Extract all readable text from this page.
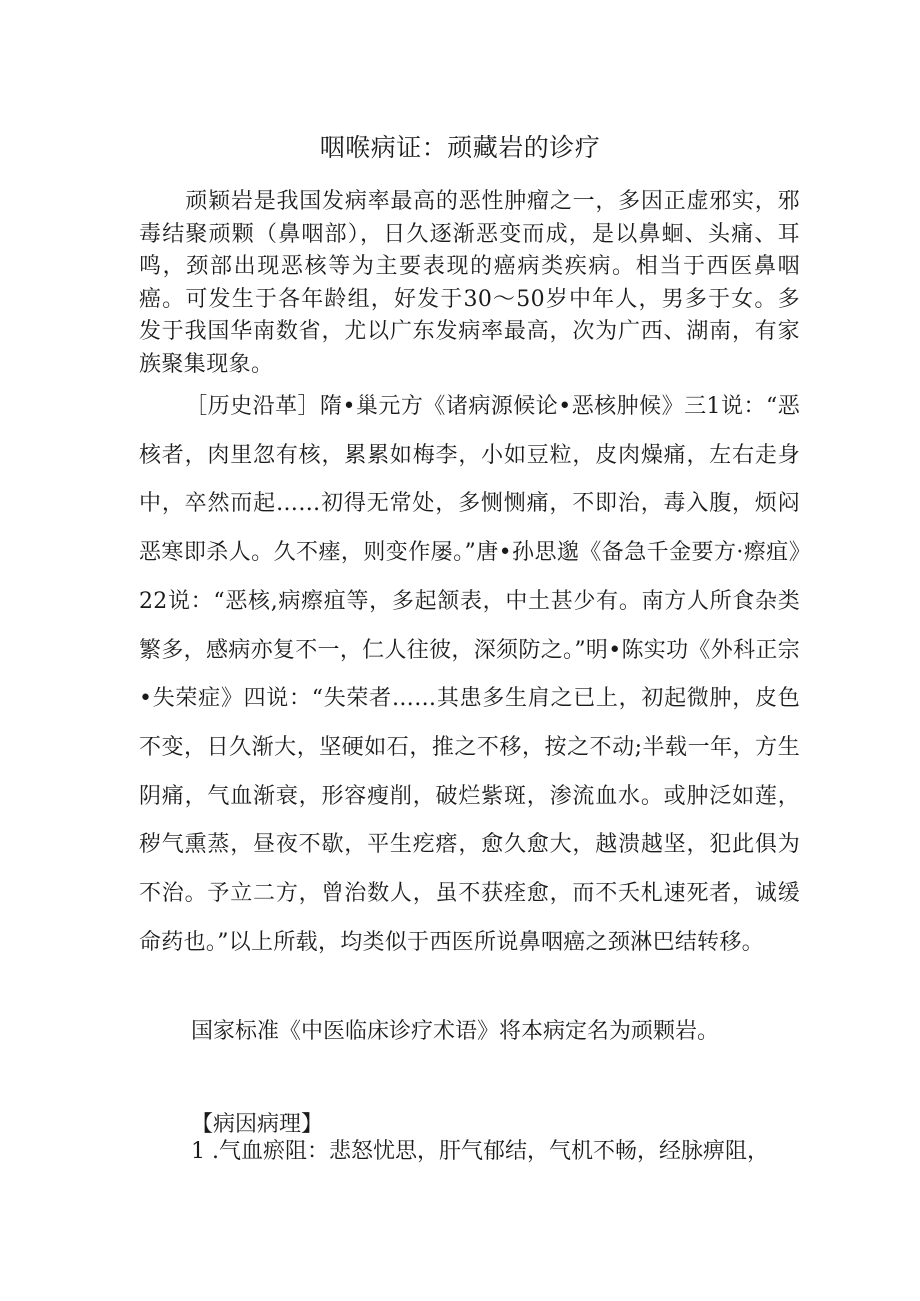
咽喉病证：顽藏岩的诊疗

顽颖岩是我国发病率最高的恶性肿瘤之一，多因正虚邪实，邪毒结聚顽颗（鼻咽部），日久逐渐恶变而成，是以鼻蛔、头痛、耳鸣，颈部出现恶核等为主要表现的癌病类疾病。相当于西医鼻咽癌。可发生于各年龄组，好发于30～50岁中年人，男多于女。多发于我国华南数省，尤以广东发病率最高，次为广西、湖南，有家族聚集现象。

［历史沿革］隋•巢元方《诸病源候论•恶核肿候》三1说：“恶核者，肉里忽有核，累累如梅李，小如豆粒，皮肉燥痛，左右走身中，卒然而起……初得无常处，多恻恻痛，不即治，毒入腹，烦闷恶寒即杀人。久不瘗，则变作屡。”唐•孙思邈《备急千金要方·瘵疽》22说：“恶核,病瘵疽等，多起颔表，中土甚少有。南方人所食杂类繁多，感病亦复不一，仁人往彼，深须防之。”明•陈实功《外科正宗•失荣症》四说：“失荣者……其患多生肩之已上，初起微肿，皮色不变，日久渐大，坚硬如石，推之不移，按之不动;半载一年，方生阴痛，气血渐衰，形容瘦削，破烂紫斑，渗流血水。或肿泛如莲，秽气熏蒸，昼夜不歇，平生疙瘩，愈久愈大，越溃越坚，犯此俱为不治。予立二方，曾治数人，虽不获痊愈，而不夭札速死者，诚缓命药也。”以上所载，均类似于西医所说鼻咽癌之颈淋巴结转移。

国家标准《中医临床诊疗术语》将本病定名为顽颗岩。

【病因病理】

1 .气血瘀阻：悲怒忧思，肝气郁结，气机不畅，经脉痹阻，
